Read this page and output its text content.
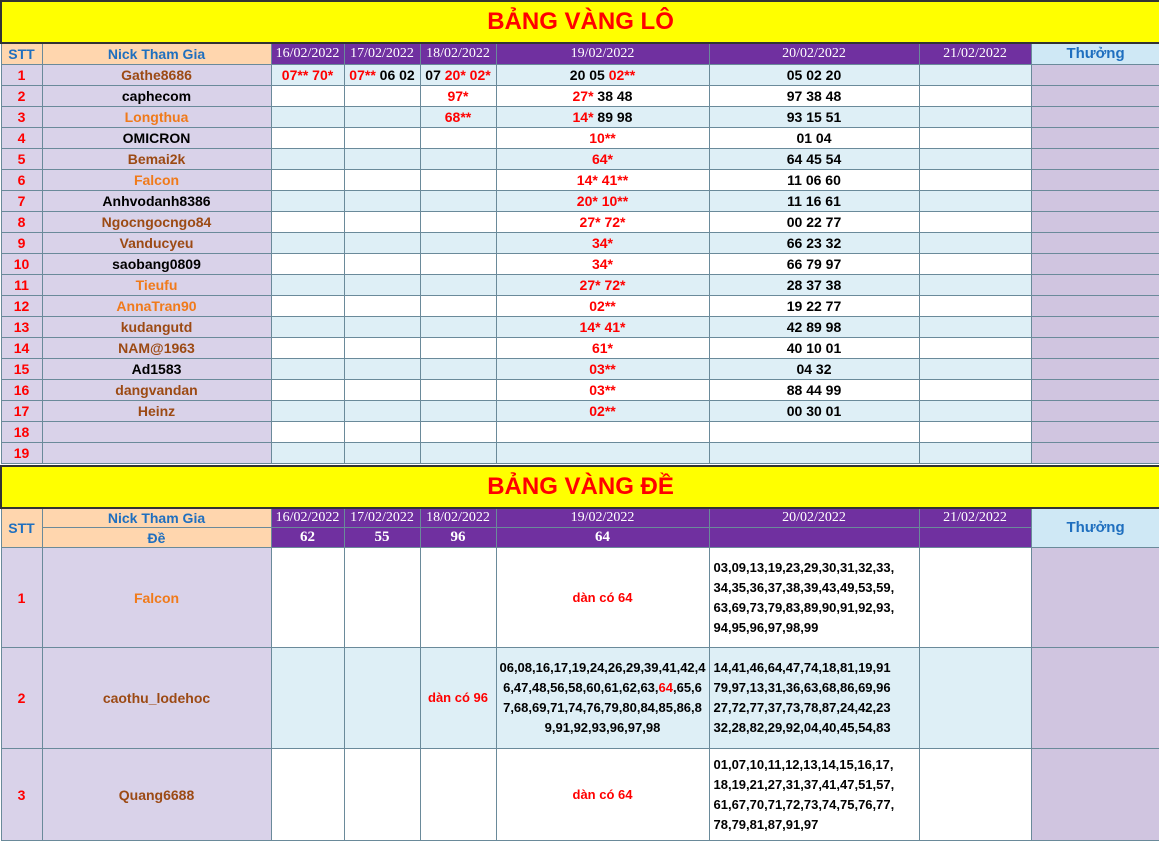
BẢNG VÀNG LÔ								
STT	Nick Tham Gia	16/02/2022	17/02/2022	18/02/2022	19/02/2022	20/02/2022	21/02/2022	Thưởng
1	Gathe8686	07** 70*	07** 06 02	07 20* 02*	20 05 02**	05 02 20		
2	caphecom			97*	27* 38 48	97 38 48		
3	Longthua			68**	14* 89 98	93 15 51		
4	OMICRON				10**	01 04		
5	Bemai2k				64*	64 45 54		
6	Falcon				14* 41**	11 06 60		
7	Anhvodanh8386				20* 10**	11 16 61		
8	Ngocngocngo84				27* 72*	00 22 77		
9	Vanducyeu				34*	66 23 32		
10	saobang0809				34*	66 79 97		
11	Tieufu				27* 72*	28 37 38		
12	AnnaTran90				02**	19 22 77		
13	kudangutd				14* 41*	42 89 98		
14	NAM@1963				61*	40 10 01		
15	Ad1583				03**	04 32		
16	dangvandan				03**	88 44 99		
17	Heinz				02**	00 30 01		
18								
19								
BẢNG VÀNG ĐỀ								
STT	Nick Tham Gia	16/02/2022	17/02/2022	18/02/2022	19/02/2022	20/02/2022	21/02/2022	Thưởng
	Đề	62	55	96	64			
1	Falcon				dàn có 64	03,09,13,19,23,29,30,31,32,33,
34,35,36,37,38,39,43,49,53,59,
63,69,73,79,83,89,90,91,92,93,
94,95,96,97,98,99		
2	caothu_lodehoc			dàn có 96	06,08,16,17,19,24,26,29,39,41,42,46,47,48,56,58,60,61,62,63,64,65,67,68,69,71,74,76,79,80,84,85,86,89,91,92,93,96,97,98	14,41,46,64,47,74,18,81,19,91
79,97,13,31,36,63,68,86,69,96
27,72,77,37,73,78,87,24,42,23
32,28,82,29,92,04,40,45,54,83		
3	Quang6688				dàn có 64	01,07,10,11,12,13,14,15,16,17,
18,19,21,27,31,37,41,47,51,57,
61,67,70,71,72,73,74,75,76,77,
78,79,81,87,91,97		
